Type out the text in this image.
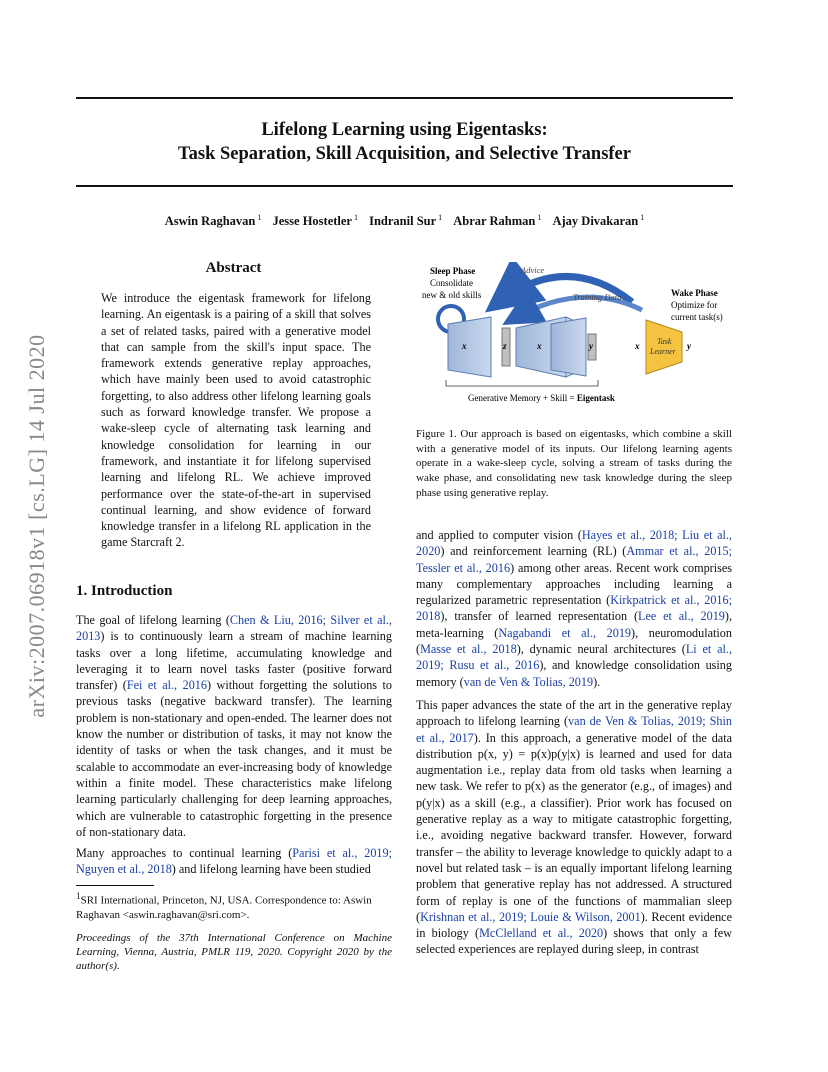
arXiv:2007.06918v1 [cs.LG] 14 Jul 2020
Lifelong Learning using Eigentasks:
Task Separation, Skill Acquisition, and Selective Transfer
Aswin Raghavan $^1$ Jesse Hostetler $^1$ Indranil Sur $^1$ Abrar Rahman $^1$ Ajay Divakaran $^1$
Abstract
We introduce the eigentask framework for lifelong learning. An eigentask is a pairing of a skill that solves a set of related tasks, paired with a generative model that can sample from the skill's input space. The framework extends generative replay approaches, which have mainly been used to avoid catastrophic forgetting, to also address other lifelong learning goals such as forward knowledge transfer. We propose a wake-sleep cycle of alternating task learning and knowledge consolidation for learning in our framework, and instantiate it for lifelong supervised learning and lifelong RL. We achieve improved performance over the state-of-the-art in supervised continual learning, and show evidence of forward knowledge transfer in a lifelong RL application in the game Starcraft 2.
1. Introduction
The goal of lifelong learning (Chen & Liu, 2016; Silver et al., 2013) is to continuously learn a stream of machine learning tasks over a long lifetime, accumulating knowledge and leveraging it to learn novel tasks faster (positive forward transfer) (Fei et al., 2016) without forgetting the solutions to previous tasks (negative backward transfer). The learning problem is non-stationary and open-ended. The learner does not know the number or distribution of tasks, it may not know the identity of tasks or when the task changes, and it must be scalable to accommodate an ever-increasing body of knowledge within a finite model. These characteristics make lifelong learning particularly challenging for deep learning approaches, which are vulnerable to catastrophic forgetting in the presence of non-stationary data.
Many approaches to continual learning (Parisi et al., 2019; Nguyen et al., 2018) and lifelong learning have been studied
$^1$SRI International, Princeton, NJ, USA. Correspondence to: Aswin Raghavan <aswin.raghavan@sri.com>.
Proceedings of the 37th International Conference on Machine Learning, Vienna, Austria, PMLR 119, 2020. Copyright 2020 by the author(s).
x	z	x	y	x Task
Learner
y
Sleep Phase
Consolidate
new & old skills
Advice
Training Data	Wake Phase
Optimize for
current task(s)
Generative Memory + Skill = Eigentask
Figure 1. Our approach is based on eigentasks, which combine a skill with a generative model of its inputs. Our lifelong learning agents operate in a wake-sleep cycle, solving a stream of tasks during the wake phase, and consolidating new task knowledge during the sleep phase using generative replay.
and applied to computer vision (Hayes et al., 2018; Liu et al., 2020) and reinforcement learning (RL) (Ammar et al., 2015; Tessler et al., 2016) among other areas. Recent work comprises many complementary approaches including learning a regularized parametric representation (Kirkpatrick et al., 2016; 2018), transfer of learned representation (Lee et al., 2019), meta-learning (Nagabandi et al., 2019), neuromodulation (Masse et al., 2018), dynamic neural architectures (Li et al., 2019; Rusu et al., 2016), and knowledge consolidation using memory (van de Ven & Tolias, 2019).
This paper advances the state of the art in the generative replay approach to lifelong learning (van de Ven & Tolias, 2019; Shin et al., 2017). In this approach, a generative model of the data distribution p(x, y) = p(x)p(y|x) is learned and used for data augmentation i.e., replay data from old tasks when learning a new task. We refer to p(x) as the generator (e.g., of images) and p(y|x) as a skill (e.g., a classifier). Prior work has focused on generative replay as a way to mitigate catastrophic forgetting, i.e., avoiding negative backward transfer. However, forward transfer – the ability to leverage knowledge to quickly adapt to a novel but related task – is an equally important lifelong learning problem that generative replay has not addressed. A structured form of replay is one of the functions of mammalian sleep (Krishnan et al., 2019; Louie & Wilson, 2001). Recent evidence in biology (McClelland et al., 2020) shows that only a few selected experiences are replayed during sleep, in contrast
